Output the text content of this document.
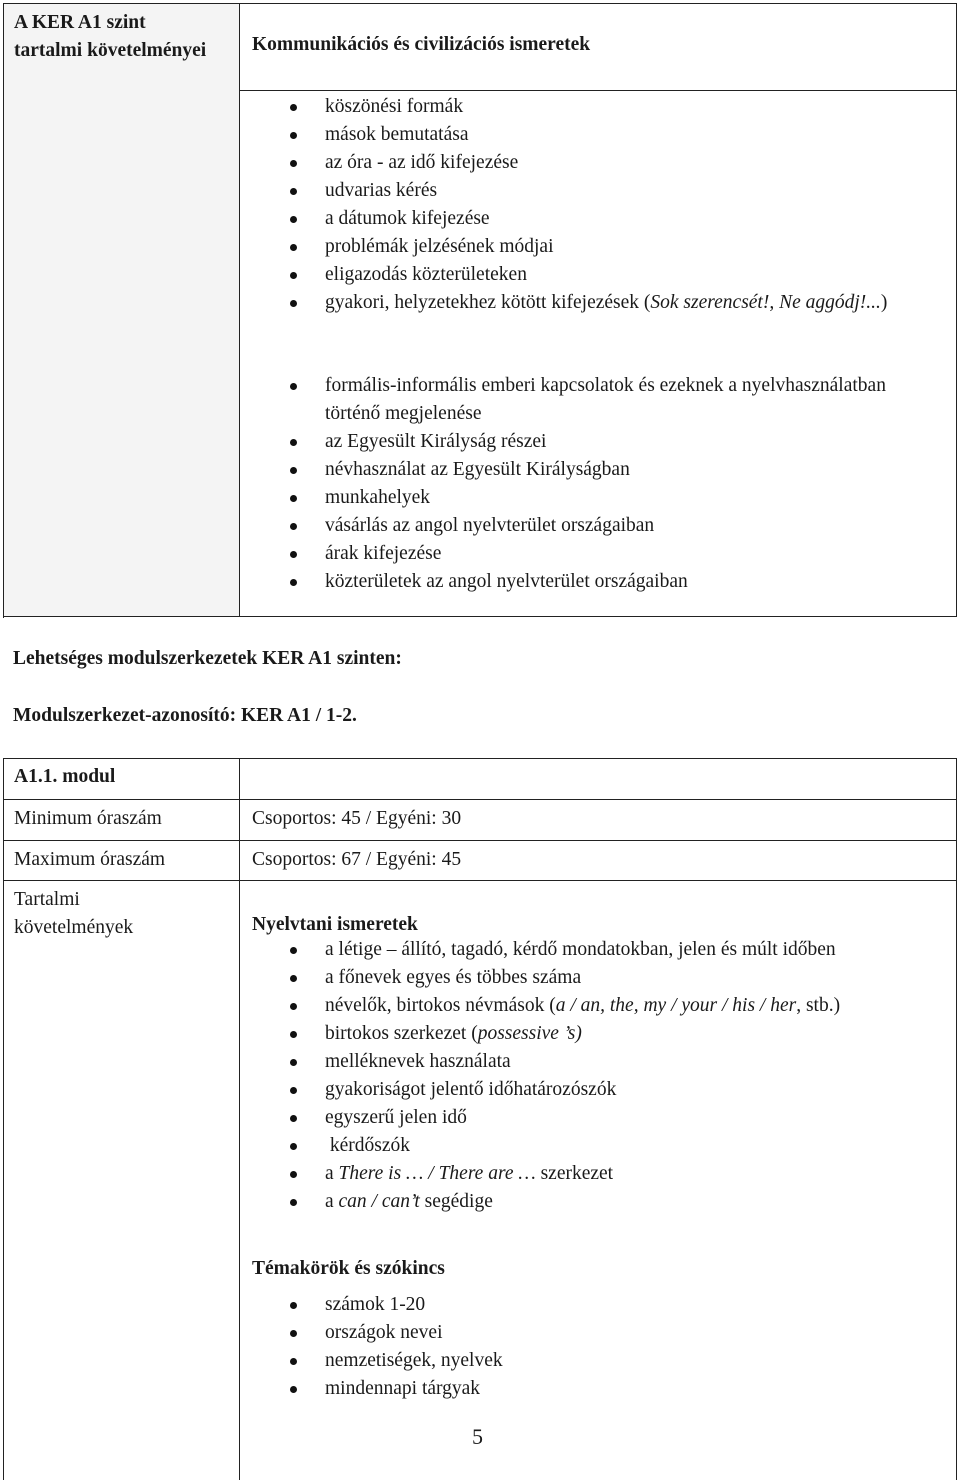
A KER A1 szint tartalmi követelményei	Kommunikációs és civilizációs ismeretek
köszönési formák
mások bemutatása
az óra - az idő kifejezése
udvarias kérés
a dátumok kifejezése
problémák jelzésének módjai
eligazodás közterületeken
gyakori, helyzetekhez kötött kifejezések (Sok szerencsét!, Ne aggódj!...)
formális-informális emberi kapcsolatok és ezeknek a nyelvhasználatban történő megjelenése
az Egyesült Királyság részei
névhasználat az Egyesült Királyságban
munkahelyek
vásárlás az angol nyelvterület országaiban
árak kifejezése
közterületek az angol nyelvterület országaiban
Lehetséges modulszerkezetek KER A1 szinten:
Modulszerkezet-azonosító: KER A1 / 1-2.
A1.1. modul
Minimum óraszám	Csoportos: 45 / Egyéni: 30
Maximum óraszám	Csoportos: 67 / Egyéni: 45
Tartalmi követelmények	Nyelvtani ismeretek
a létige – állító, tagadó, kérdő mondatokban, jelen és múlt időben
a főnevek egyes és többes száma
névelők, birtokos névmások (a / an, the, my / your / his / her, stb.)
birtokos szerkezet (possessive ’s)
melléknevek használata
gyakoriságot jelentő időhatározószók
egyszerű jelen idő
kérdőszók
a There is … / There are … szerkezet
a can / can’t segédige
Témakörök és szókincs
számok 1-20
országok nevei
nemzetiségek, nyelvek
mindennapi tárgyak
5
